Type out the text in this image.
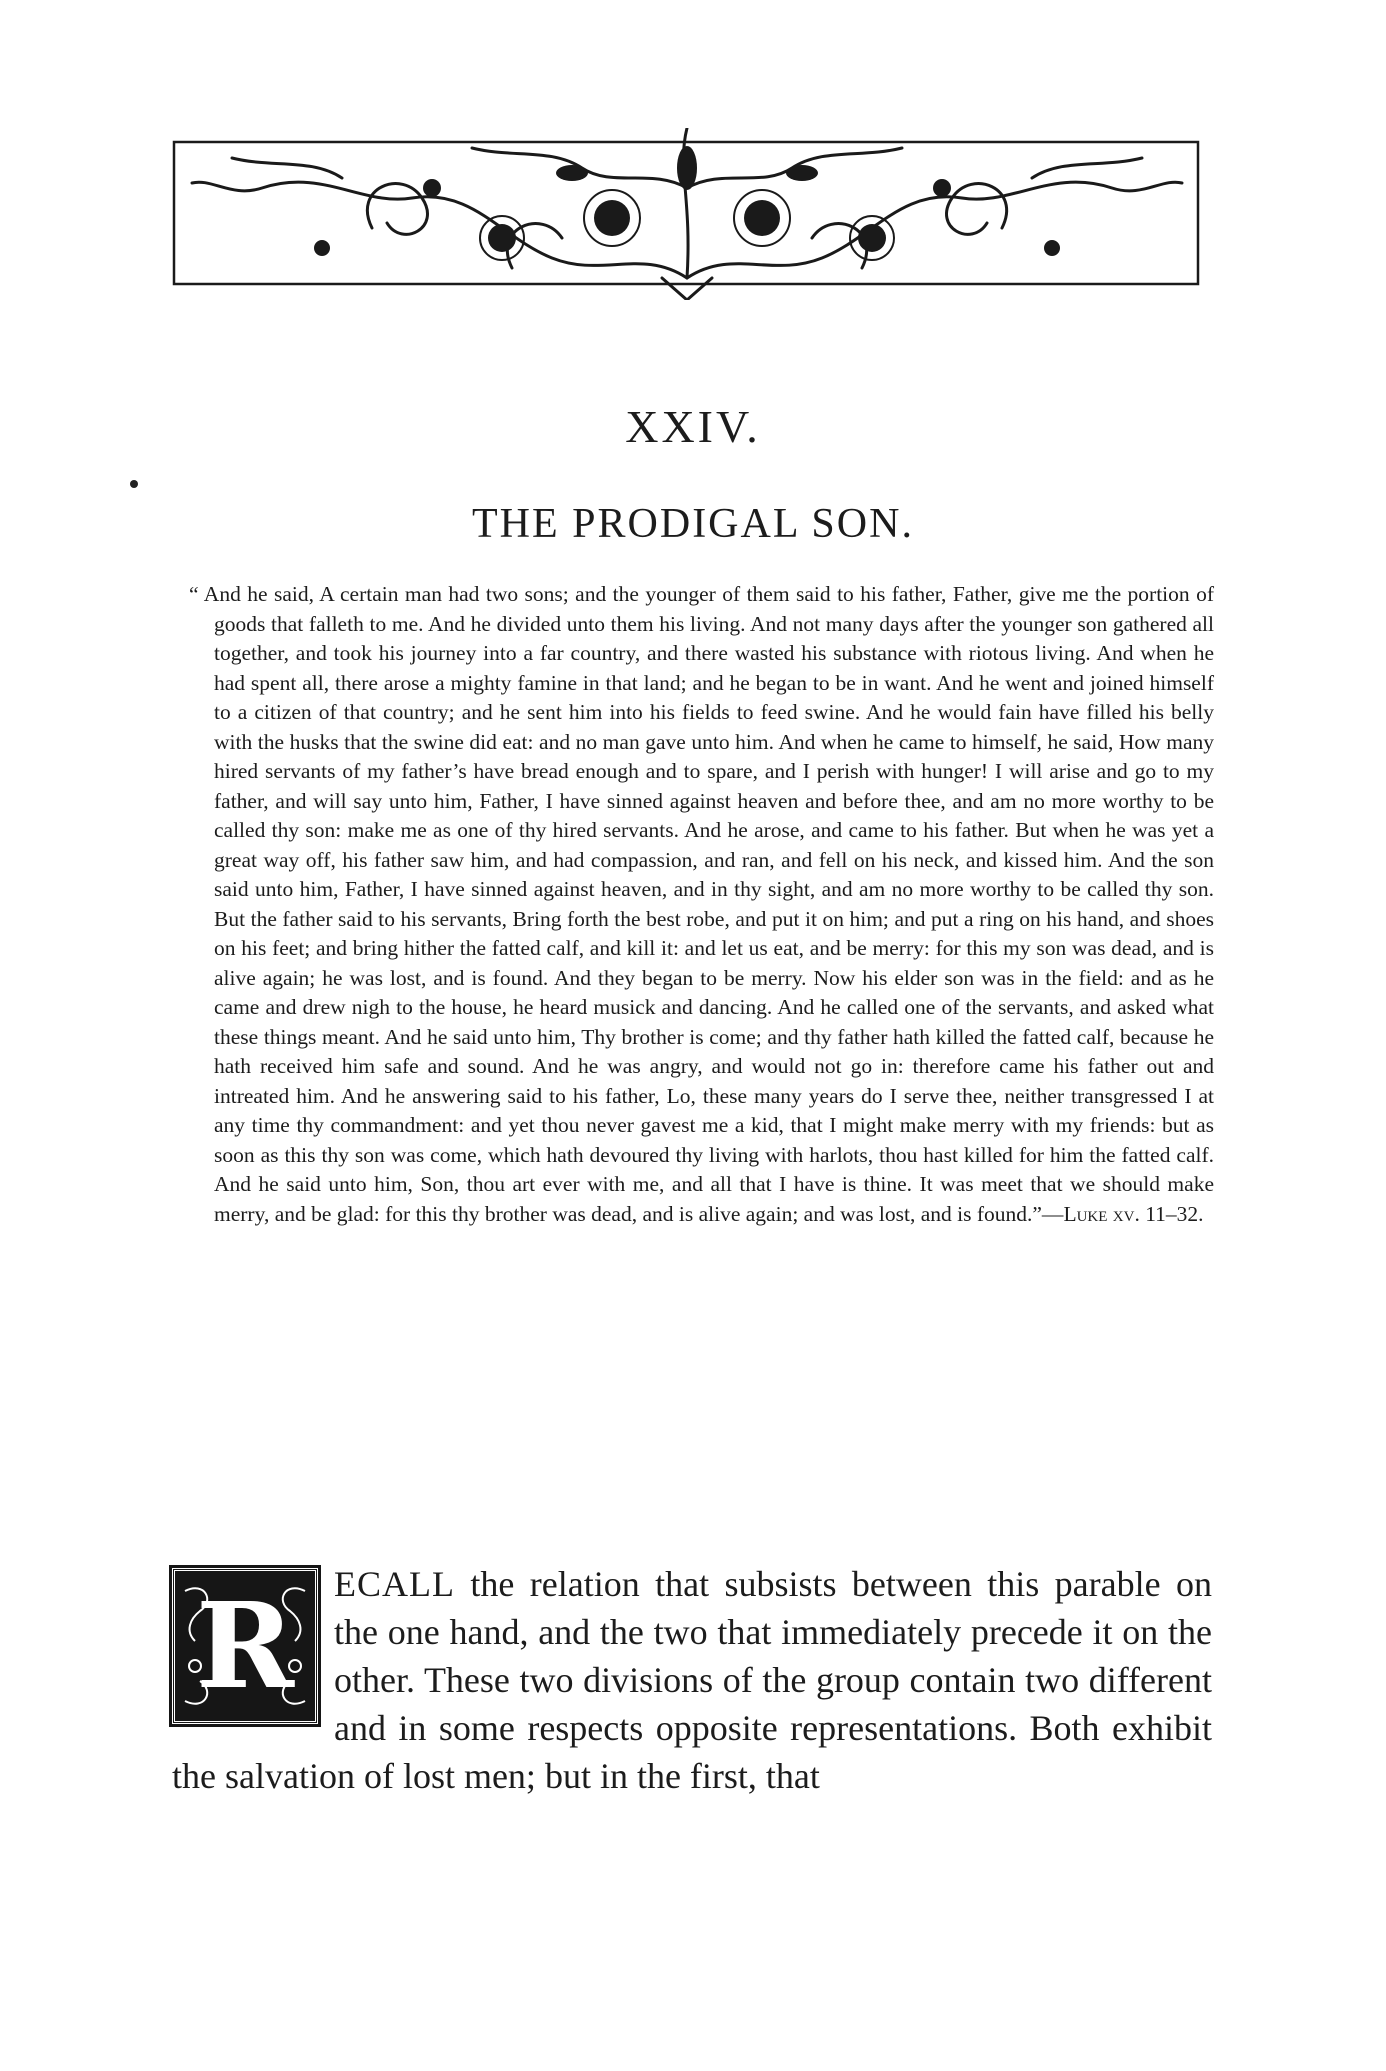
XXIV.
THE PRODIGAL SON.
“ And he said, A certain man had two sons; and the younger of them said to his father, Father, give me the portion of goods that falleth to me. And he divided unto them his living. And not many days after the younger son gathered all together, and took his journey into a far country, and there wasted his substance with riotous living. And when he had spent all, there arose a mighty famine in that land; and he began to be in want. And he went and joined himself to a citizen of that country; and he sent him into his fields to feed swine. And he would fain have filled his belly with the husks that the swine did eat: and no man gave unto him. And when he came to himself, he said, How many hired servants of my father’s have bread enough and to spare, and I perish with hunger! I will arise and go to my father, and will say unto him, Father, I have sinned against heaven and before thee, and am no more worthy to be called thy son: make me as one of thy hired servants. And he arose, and came to his father. But when he was yet a great way off, his father saw him, and had compassion, and ran, and fell on his neck, and kissed him. And the son said unto him, Father, I have sinned against heaven, and in thy sight, and am no more worthy to be called thy son. But the father said to his servants, Bring forth the best robe, and put it on him; and put a ring on his hand, and shoes on his feet; and bring hither the fatted calf, and kill it: and let us eat, and be merry: for this my son was dead, and is alive again; he was lost, and is found. And they began to be merry. Now his elder son was in the field: and as he came and drew nigh to the house, he heard musick and dancing. And he called one of the servants, and asked what these things meant. And he said unto him, Thy brother is come; and thy father hath killed the fatted calf, because he hath received him safe and sound. And he was angry, and would not go in: therefore came his father out and intreated him. And he answering said to his father, Lo, these many years do I serve thee, neither transgressed I at any time thy commandment: and yet thou never gavest me a kid, that I might make merry with my friends: but as soon as this thy son was come, which hath devoured thy living with harlots, thou hast killed for him the fatted calf. And he said unto him, Son, thou art ever with me, and all that I have is thine. It was meet that we should make merry, and be glad: for this thy brother was dead, and is alive again; and was lost, and is found.”—Luke xv. 11–32.
R	ECALL the relation that subsists between this parable on the one hand, and the two that immediately precede it on the other. These two divisions of the group contain two different and in some respects opposite representations. Both exhibit the salvation of lost men; but in the first, that
